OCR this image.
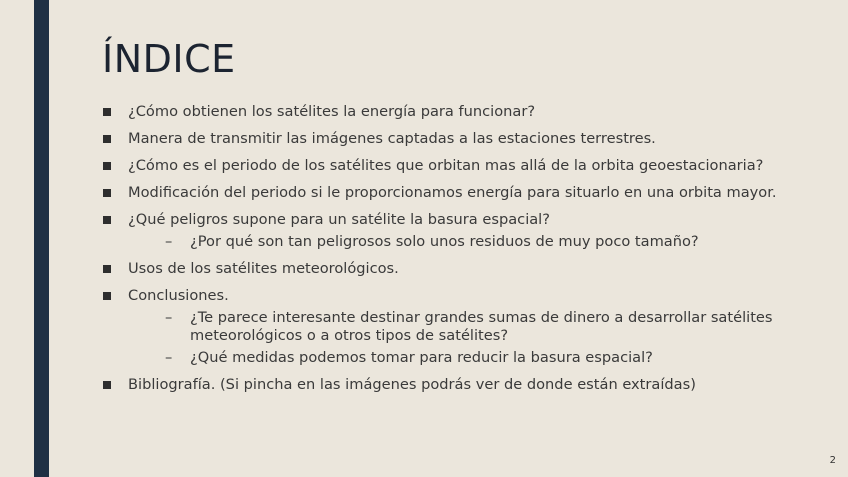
ÍNDICE
¿Cómo obtienen los satélites la energía para funcionar?
Manera de transmitir las imágenes captadas a las estaciones terrestres.
¿Cómo es el periodo de los satélites que orbitan mas allá de la orbita geoestacionaria?
Modificación del periodo si le proporcionamos energía para situarlo en una orbita mayor.
¿Qué peligros supone para un satélite la basura espacial?
– ¿Por qué son tan peligrosos solo unos residuos de muy poco tamaño?
Usos de los satélites meteorológicos.
Conclusiones.
– ¿Te parece interesante destinar grandes sumas de dinero a desarrollar satélites meteorológicos o a otros tipos de satélites?
– ¿Qué medidas podemos tomar para reducir la basura espacial?
Bibliografía. (Si pincha en las imágenes podrás ver de donde están extraídas)
2
